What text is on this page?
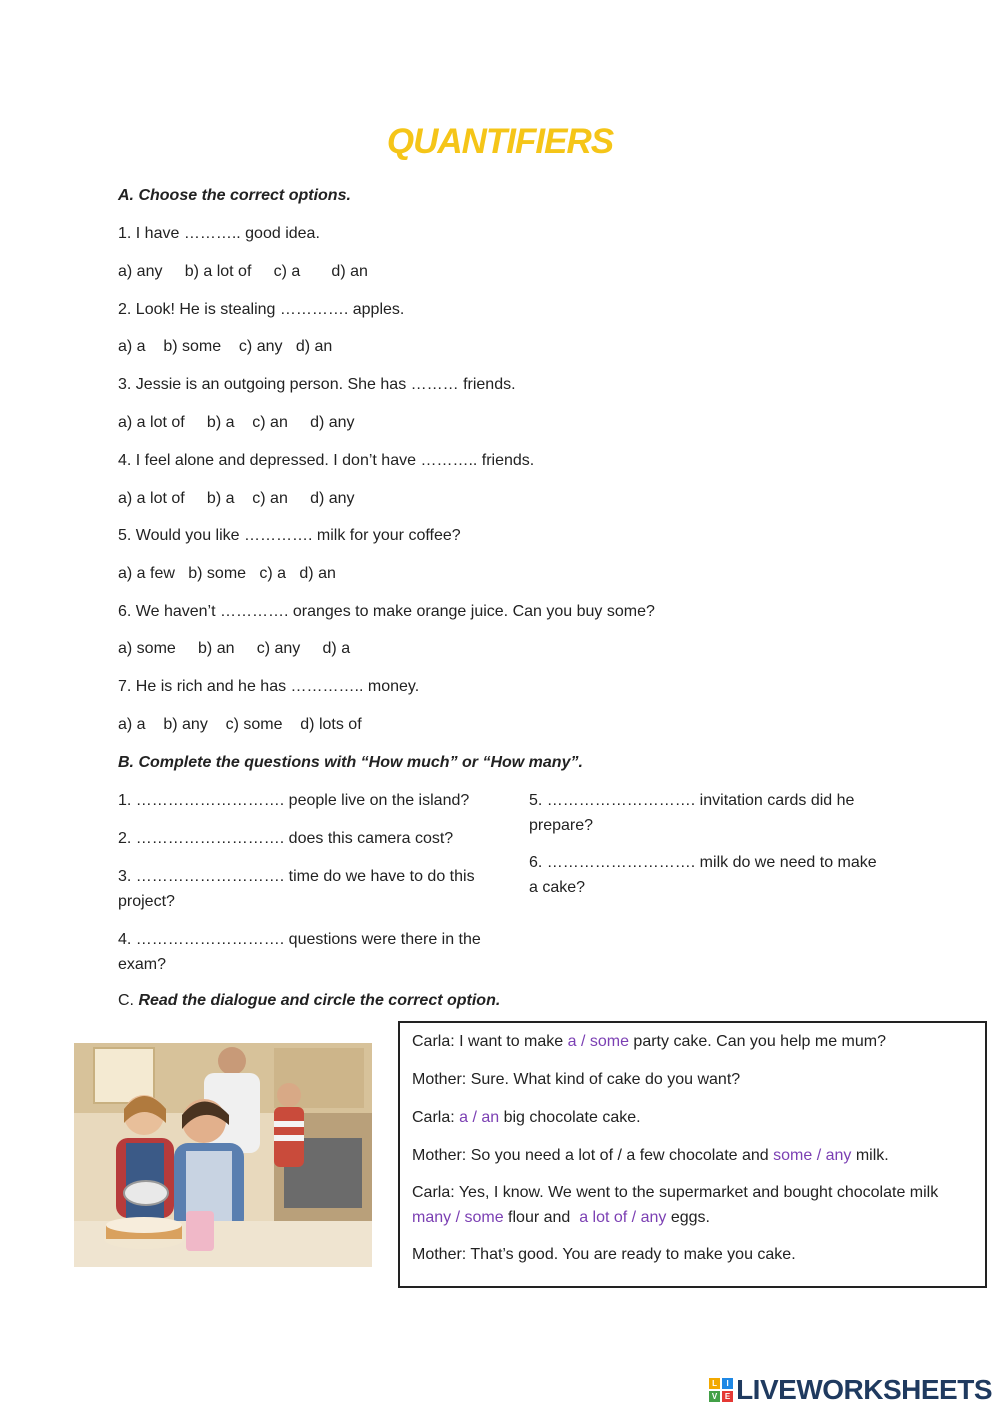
QUANTIFIERS
A. Choose the correct options.
1. I have ……….. good idea.
a) any     b) a lot of     c) a       d) an
2. Look! He is stealing …………. apples.
a) a    b) some    c) any   d) an
3. Jessie is an outgoing person. She has ……… friends.
a) a lot of     b) a    c) an     d) any
4. I feel alone and depressed. I don’t have ……….. friends.
a) a lot of     b) a    c) an     d) any
5. Would you like …………. milk for your coffee?
a) a few   b) some   c) a   d) an
6. We haven’t …………. oranges to make orange juice. Can you buy some?
a) some     b) an     c) any     d) a
7. He is rich and he has ………….. money.
a) a    b) any    c) some    d) lots of
B. Complete the questions with “How much” or “How many”.
1. ………………………. people live on the island?
2. ………………………. does this camera cost?
3. ………………………. time do we have to do this project?
4. ………………………. questions were there in the exam?
5. ………………………. invitation cards did he prepare?
6. ………………………. milk do we need to make a cake?
C. Read the dialogue and circle the correct option.
Carla: I want to make a / some party cake. Can you help me mum?
Mother: Sure. What kind of cake do you want?
Carla: a / an big chocolate cake.
Mother: So you need a lot of / a few chocolate and some / any milk.
Carla: Yes, I know. We went to the supermarket and bought chocolate milk
many / some flour and  a lot of / any eggs.
Mother: That’s good. You are ready to make you cake.
L	I
V E LIVEWORKSHEETS
